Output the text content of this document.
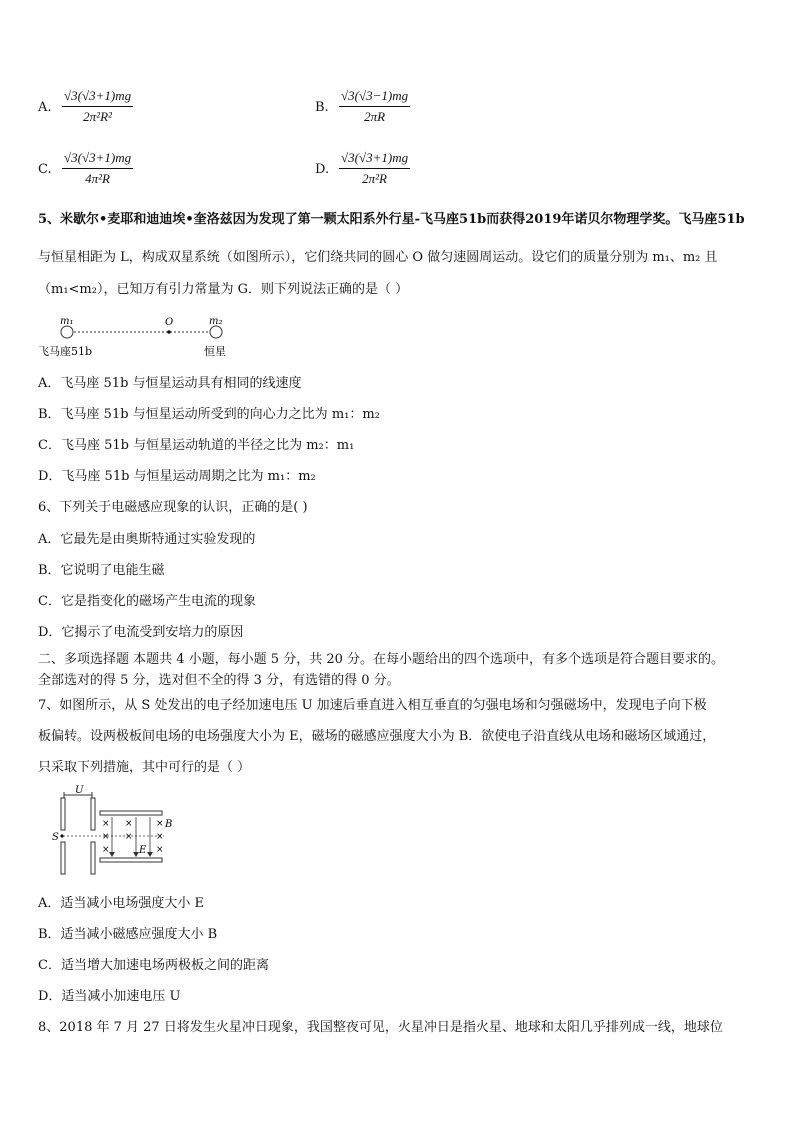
A. $\frac{√3(√3+1)mg}{\text{2π²R²}}$	B. $\frac{√3(√3-1)mg}{2\pi R}$
C. $\frac{√3(√3+1)mg}{\text{4π²R}}$	D. $\frac{√3(√3+1)mg}{\text{2π²R}}$
5、米歇尔•麦耶和迪迪埃•奎洛兹因为发现了第一颗太阳系外行星-飞马座51b而获得2019年诺贝尔物理学奖。飞马座51b
与恒星相距为 L，构成双星系统（如图所示），它们绕共同的圆心 O 做匀速圆周运动。设它们的质量分别为 m₁、m₂ 且
（m₁<m₂），已知万有引力常量为 G．则下列说法正确的是（ ）
m₁	O	m₂
飞马座51b	恒星
A．飞马座 51b 与恒星运动具有相同的线速度
B．飞马座 51b 与恒星运动所受到的向心力之比为 m₁：m₂
C．飞马座 51b 与恒星运动轨道的半径之比为 m₂：m₁
D．飞马座 51b 与恒星运动周期之比为 m₁：m₂
6、下列关于电磁感应现象的认识，正确的是( )
A．它最先是由奥斯特通过实验发现的
B．它说明了电能生磁
C．它是指变化的磁场产生电流的现象
D．它揭示了电流受到安培力的原因
二、多项选择题 本题共 4 小题，每小题 5 分，共 20 分。在每小题给出的四个选项中，有多个选项是符合题目要求的。
全部选对的得 5 分，选对但不全的得 3 分，有选错的得 0 分。
7、如图所示，从 S 处发出的电子经加速电压 U 加速后垂直进入相互垂直的匀强电场和匀强磁场中，发现电子向下极
板偏转。设两极板间电场的电场强度大小为 E，磁场的磁感应强度大小为 B．欲使电子沿直线从电场和磁场区域通过，
只采取下列措施，其中可行的是（ ）
U
S
× ×	×
× ×	×
×	×
B
E
A．适当减小电场强度大小 E
B．适当减小磁感应强度大小 B
C．适当增大加速电场两极板之间的距离
D．适当减小加速电压 U
8、2018 年 7 月 27 日将发生火星冲日现象，我国整夜可见，火星冲日是指火星、地球和太阳几乎排列成一线，地球位
